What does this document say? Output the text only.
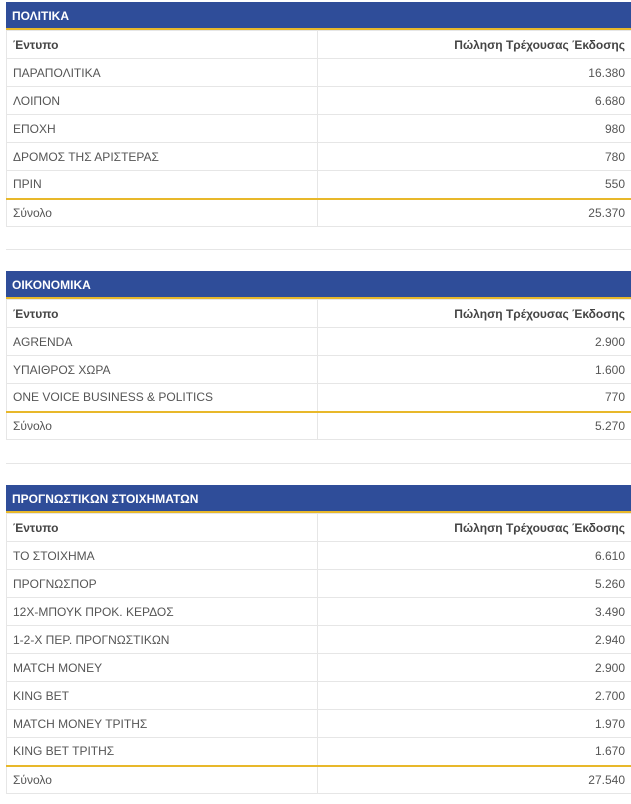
ΠΟΛΙΤΙΚΑ
Έντυπο	Πώληση Τρέχουσας Έκδοσης
ΠΑΡΑΠΟΛΙΤΙΚΑ	16.380
ΛΟΙΠΟΝ	6.680
ΕΠΟΧΗ	980
ΔΡΟΜΟΣ ΤΗΣ ΑΡΙΣΤΕΡΑΣ	780
ΠΡΙΝ	550
Σύνολο	25.370
ΟΙΚΟΝΟΜΙΚΑ
Έντυπο	Πώληση Τρέχουσας Έκδοσης
AGRENDA	2.900
ΥΠΑΙΘΡΟΣ ΧΩΡΑ	1.600
ONE VOICE BUSINESS & POLITICS	770
Σύνολο	5.270
ΠΡΟΓΝΩΣΤΙΚΩΝ ΣΤΟΙΧΗΜΑΤΩΝ
Έντυπο	Πώληση Τρέχουσας Έκδοσης
ΤΟ ΣΤΟΙΧΗΜΑ	6.610
ΠΡΟΓΝΩΣΠΟΡ	5.260
12Χ-ΜΠΟΥΚ ΠΡΟΚ. ΚΕΡΔΟΣ	3.490
1-2-Χ ΠΕΡ. ΠΡΟΓΝΩΣΤΙΚΩΝ	2.940
MATCH MONEY	2.900
KING BET	2.700
MATCH MONEY ΤΡΙΤΗΣ	1.970
KING BET ΤΡΙΤΗΣ	1.670
Σύνολο	27.540
